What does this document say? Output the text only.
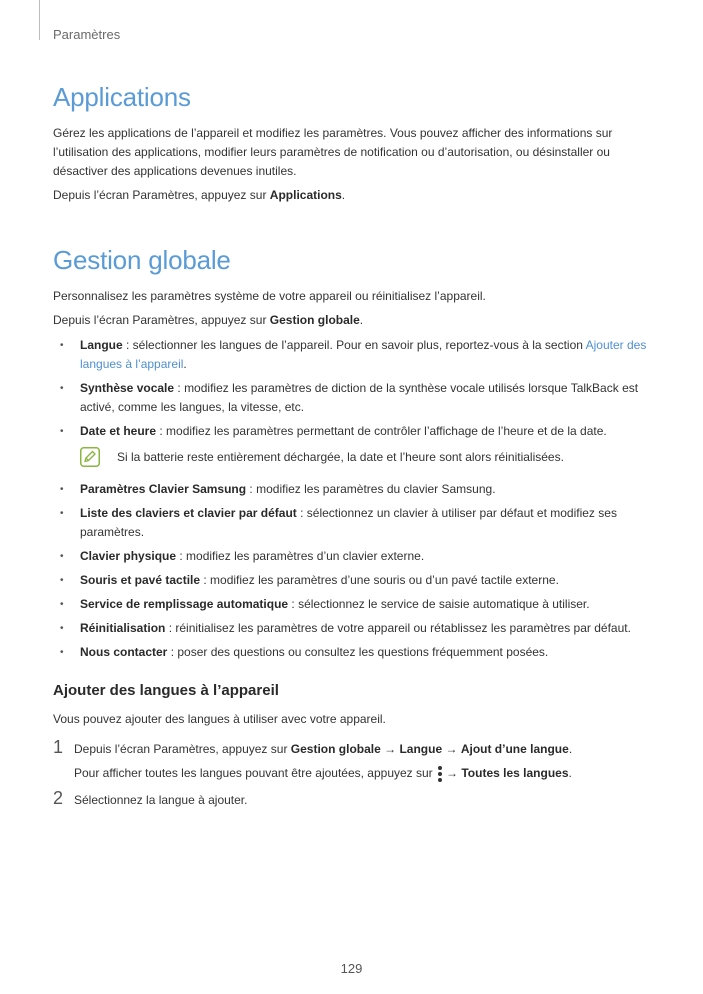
Paramètres
Applications

Gérez les applications de l’appareil et modifiez les paramètres. Vous pouvez afficher des informations sur l’utilisation des applications, modifier leurs paramètres de notification ou d’autorisation, ou désinstaller ou désactiver des applications devenues inutiles.

Depuis l’écran Paramètres, appuyez sur Applications.

Gestion globale

Personnalisez les paramètres système de votre appareil ou réinitialisez l’appareil.

Depuis l’écran Paramètres, appuyez sur Gestion globale.

• Langue : sélectionner les langues de l’appareil. Pour en savoir plus, reportez-vous à la section Ajouter des langues à l’appareil.
• Synthèse vocale : modifiez les paramètres de diction de la synthèse vocale utilisés lorsque TalkBack est activé, comme les langues, la vitesse, etc.
• Date et heure : modifiez les paramètres permettant de contrôler l’affichage de l’heure et de la date.
Si la batterie reste entièrement déchargée, la date et l’heure sont alors réinitialisées.
• Paramètres Clavier Samsung : modifiez les paramètres du clavier Samsung.
• Liste des claviers et clavier par défaut : sélectionnez un clavier à utiliser par défaut et modifiez ses paramètres.
• Clavier physique : modifiez les paramètres d’un clavier externe.
• Souris et pavé tactile : modifiez les paramètres d’une souris ou d’un pavé tactile externe.
• Service de remplissage automatique : sélectionnez le service de saisie automatique à utiliser.
• Réinitialisation : réinitialisez les paramètres de votre appareil ou rétablissez les paramètres par défaut.
• Nous contacter : poser des questions ou consultez les questions fréquemment posées.
Ajouter des langues à l’appareil

Vous pouvez ajouter des langues à utiliser avec votre appareil.

1 Depuis l’écran Paramètres, appuyez sur Gestion globale → Langue → Ajout d’une langue.
Pour afficher toutes les langues pouvant être ajoutées, appuyez sur
→ Toutes les langues.
2 Sélectionnez la langue à ajouter.
129
